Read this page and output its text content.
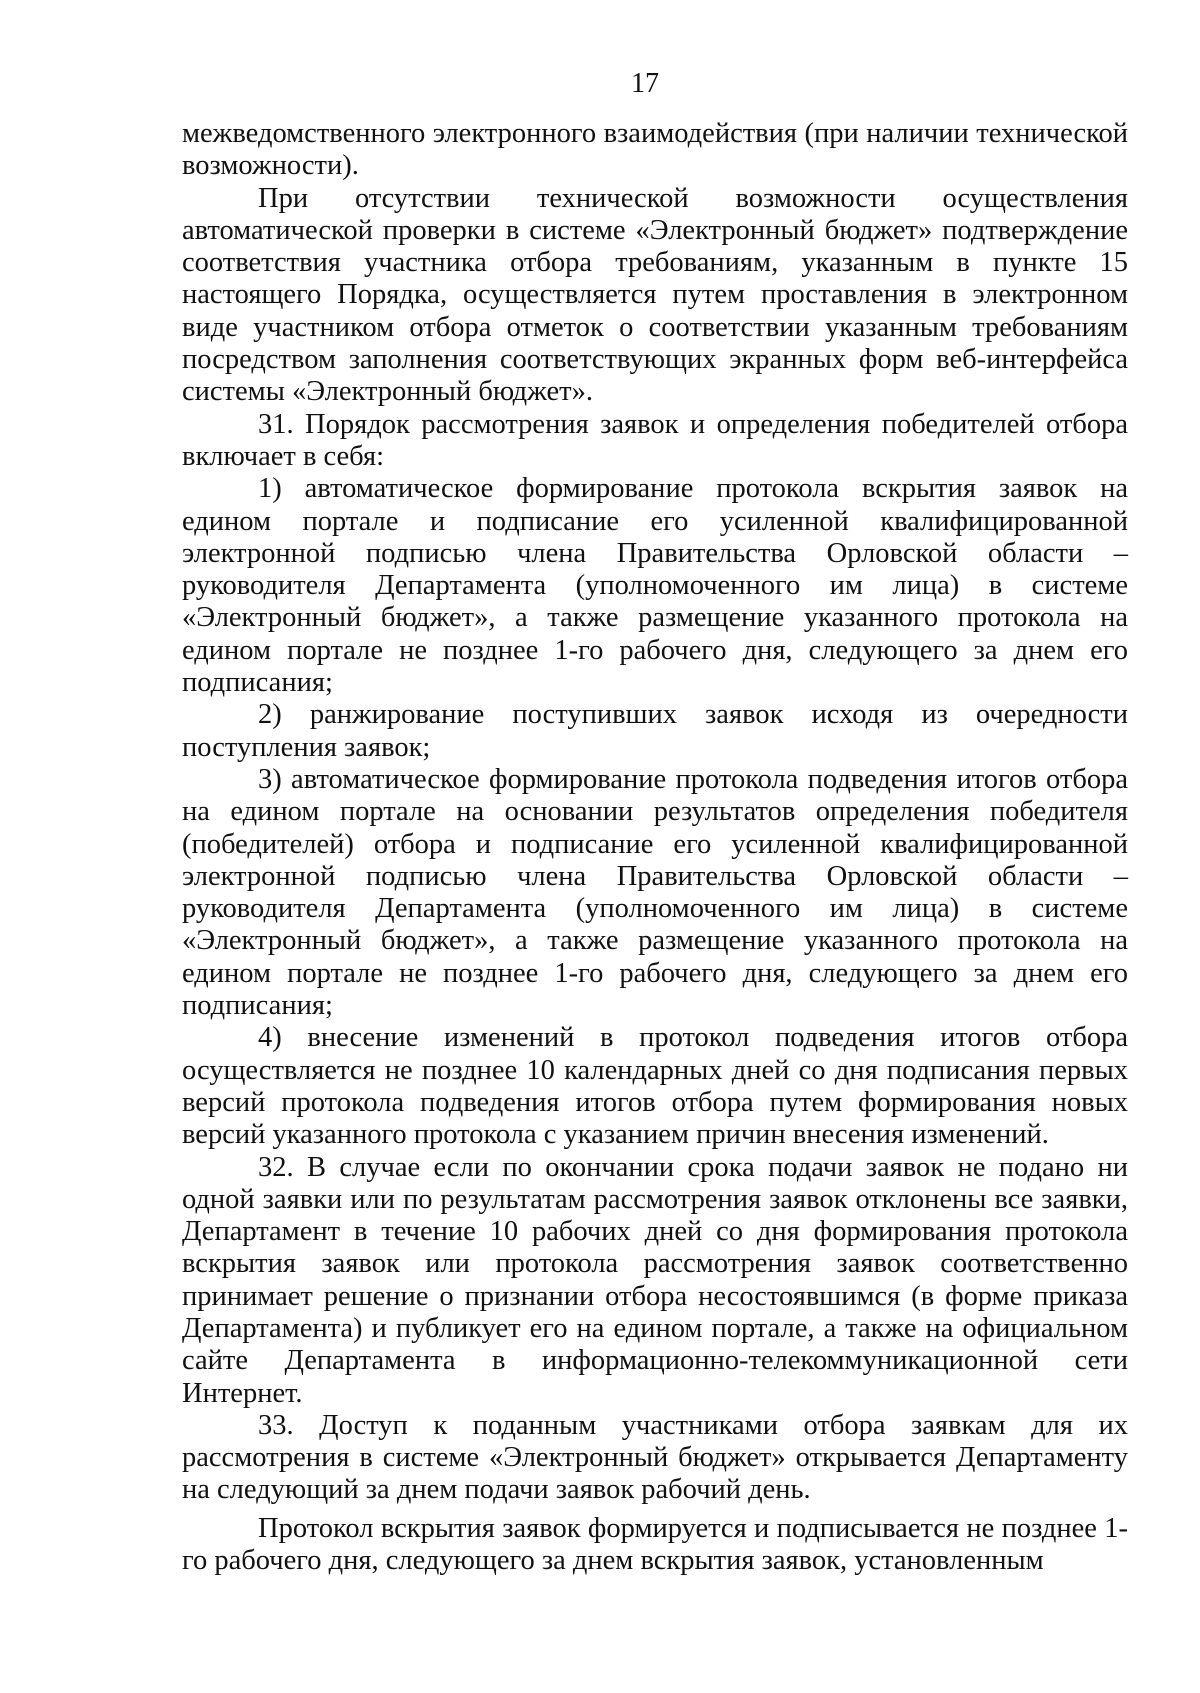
17

межведомственного электронного взаимодействия (при наличии технической возможности).

При отсутствии технической возможности осуществления автоматической проверки в системе «Электронный бюджет» подтверждение соответствия участника отбора требованиям, указанным в пункте 15 настоящего Порядка, осуществляется путем проставления в электронном виде участником отбора отметок о соответствии указанным требованиям посредством заполнения соответствующих экранных форм веб-интерфейса системы «Электронный бюджет».

31. Порядок рассмотрения заявок и определения победителей отбора включает в себя:

1) автоматическое формирование протокола вскрытия заявок на едином портале и подписание его усиленной квалифицированной электронной подписью члена Правительства Орловской области – руководителя Департамента (уполномоченного им лица) в системе «Электронный бюджет», а также размещение указанного протокола на едином портале не позднее 1-го рабочего дня, следующего за днем его подписания;

2) ранжирование поступивших заявок исходя из очередности поступления заявок;

3) автоматическое формирование протокола подведения итогов отбора на едином портале на основании результатов определения победителя (победителей) отбора и подписание его усиленной квалифицированной электронной подписью члена Правительства Орловской области – руководителя Департамента (уполномоченного им лица) в системе «Электронный бюджет», а также размещение указанного протокола на едином портале не позднее 1-го рабочего дня, следующего за днем его подписания;

4) внесение изменений в протокол подведения итогов отбора осуществляется не позднее 10 календарных дней со дня подписания первых версий протокола подведения итогов отбора путем формирования новых версий указанного протокола с указанием причин внесения изменений.

32. В случае если по окончании срока подачи заявок не подано ни одной заявки или по результатам рассмотрения заявок отклонены все заявки, Департамент в течение 10 рабочих дней со дня формирования протокола вскрытия заявок или протокола рассмотрения заявок соответственно принимает решение о признании отбора несостоявшимся (в форме приказа Департамента) и публикует его на едином портале, а также на официальном сайте Департамента в информационно-телекоммуникационной сети Интернет.

33. Доступ к поданным участниками отбора заявкам для их рассмотрения в системе «Электронный бюджет» открывается Департаменту на следующий за днем подачи заявок рабочий день.

Протокол вскрытия заявок формируется и подписывается не позднее 1-го рабочего дня, следующего за днем вскрытия заявок, установленным
